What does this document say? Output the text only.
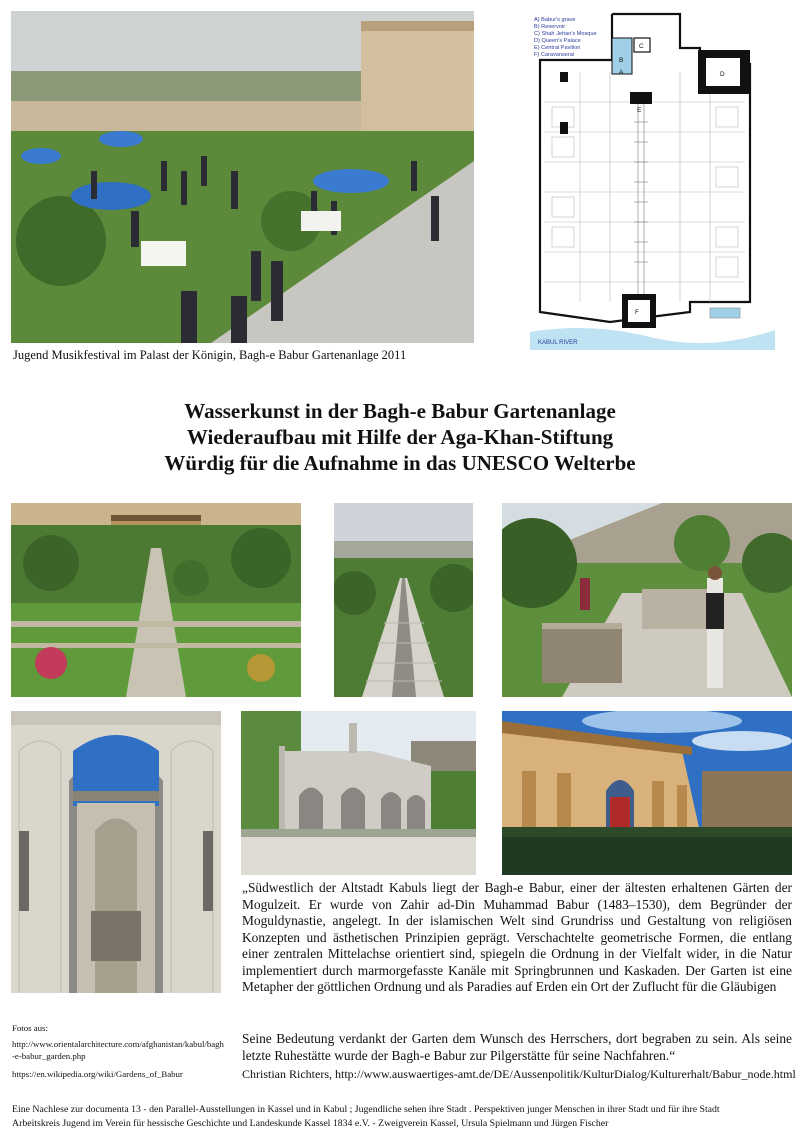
Jugend Musikfestival im Palast der Königin, Bagh-e Babur Gartenanlage 2011
A) Babur's grave
B) Reservoir
C) Shah Jehan's Mosque
D) Queen's Palace
E) Central Pavilion
F) Caravanserai
A
B
C
D
E
F
KABUL RIVER
Wasserkunst in der Bagh-e Babur Gartenanlage
Wiederaufbau mit Hilfe der Aga-Khan-Stiftung
Würdig für die Aufnahme in das UNESCO Welterbe
„Südwestlich der Altstadt Kabuls liegt der Bagh-e Babur, einer der ältesten erhaltenen Gärten der Mogulzeit. Er wurde von Zahir ad-Din Muhammad Babur (1483–1530), dem Begründer der Moguldynastie, angelegt. In der islamischen Welt sind Grundriss und Gestaltung von religiösen Konzepten und ästhetischen Prinzipien geprägt. Verschachtelte geometrische Formen, die entlang einer zentralen Mittelachse orientiert sind, spiegeln die Ordnung in der Vielfalt wider, in die Natur implementiert durch marmorgefasste Kanäle mit Springbrunnen und Kaskaden. Der Garten ist eine Metapher der göttlichen Ordnung und als Paradies auf Erden ein Ort der Zuflucht für die Gläubigen
Seine Bedeutung verdankt der Garten dem Wunsch des Herrschers, dort begraben zu sein. Als seine letzte Ruhestätte wurde der Bagh-e Babur zur Pilgerstätte für seine Nachfahren.“
Christian Richters, http://www.auswaertiges-amt.de/DE/Aussenpolitik/KulturDialog/Kulturerhalt/Babur_node.html
Fotos aus:
http://www.orientalarchitecture.com/afghanistan/kabul/bagh-e-babur_garden.php
https://en.wikipedia.org/wiki/Gardens_of_Babur
Eine Nachlese zur documenta 13 - den Parallel-Ausstellungen in Kassel und in Kabul ; Jugendliche sehen ihre Stadt . Perspektiven junger Menschen in ihrer Stadt und für ihre Stadt
Arbeitskreis Jugend im Verein für hessische Geschichte und Landeskunde Kassel 1834 e.V. - Zweigverein Kassel, Ursula Spielmann und Jürgen Fischer
